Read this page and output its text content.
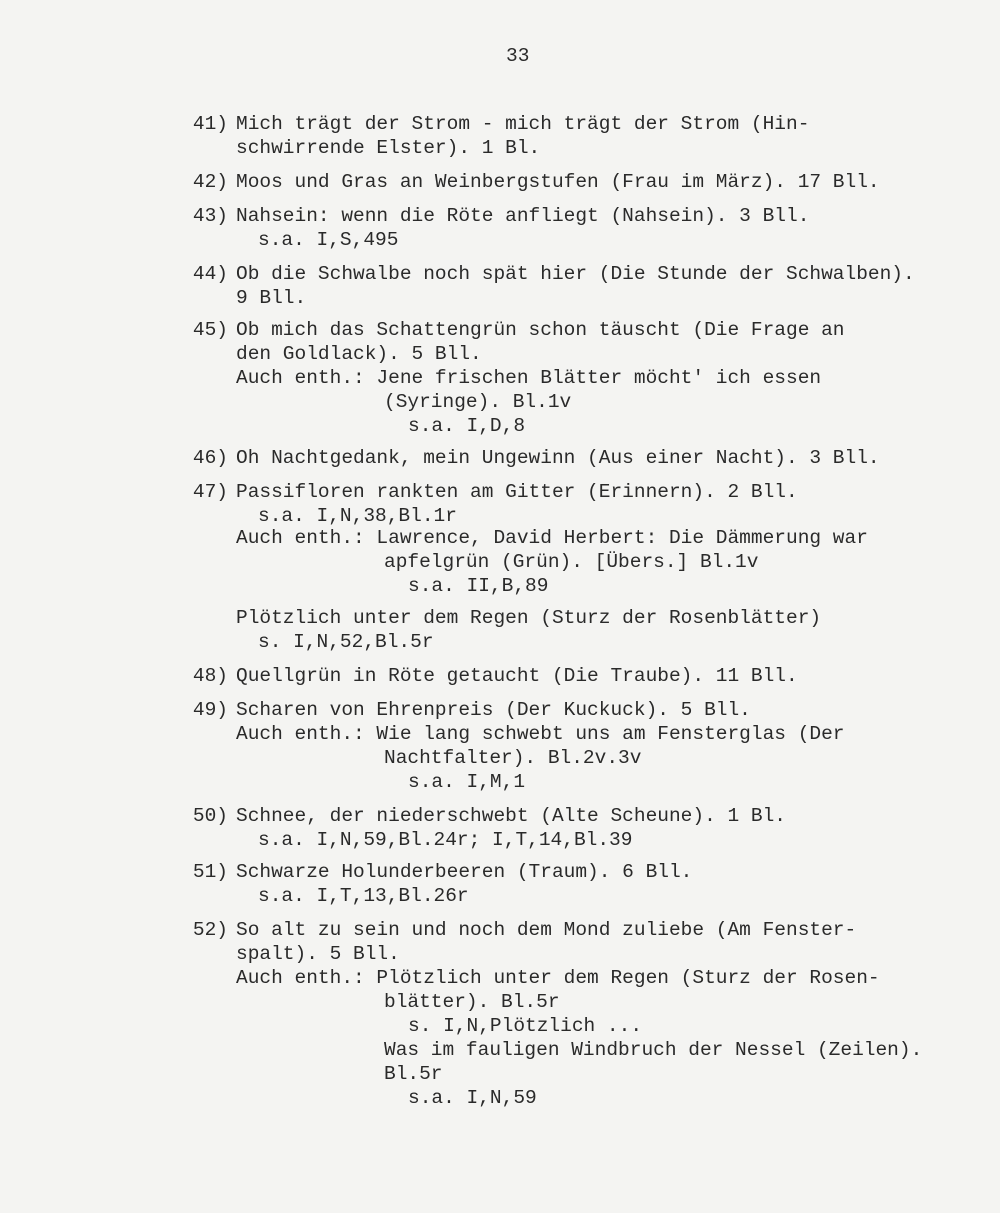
33
41) Mich trägt der Strom - mich trägt der Strom (Hin-
schwirrende Elster). 1 Bl.
42) Moos und Gras an Weinbergstufen (Frau im März). 17 Bll.
43) Nahsein: wenn die Röte anfliegt (Nahsein). 3 Bll.
s.a. I,S,495
44) Ob die Schwalbe noch spät hier (Die Stunde der Schwalben).
9 Bll.
45) Ob mich das Schattengrün schon täuscht (Die Frage an
den Goldlack). 5 Bll.
Auch enth.: Jene frischen Blätter möcht' ich essen
(Syringe). Bl.1v
s.a. I,D,8
46) Oh Nachtgedank, mein Ungewinn (Aus einer Nacht). 3 Bll.
47) Passifloren rankten am Gitter (Erinnern). 2 Bll.
s.a. I,N,38,Bl.1r
Auch enth.: Lawrence, David Herbert: Die Dämmerung war
apfelgrün (Grün). [Übers.] Bl.1v
s.a. II,B,89
Plötzlich unter dem Regen (Sturz der Rosenblätter)
s. I,N,52,Bl.5r
48) Quellgrün in Röte getaucht (Die Traube). 11 Bll.
49) Scharen von Ehrenpreis (Der Kuckuck). 5 Bll.
Auch enth.: Wie lang schwebt uns am Fensterglas (Der
Nachtfalter). Bl.2v.3v
s.a. I,M,1
50) Schnee, der niederschwebt (Alte Scheune). 1 Bl.
s.a. I,N,59,Bl.24r; I,T,14,Bl.39
51) Schwarze Holunderbeeren (Traum). 6 Bll.
s.a. I,T,13,Bl.26r
52) So alt zu sein und noch dem Mond zuliebe (Am Fenster-
spalt). 5 Bll.
Auch enth.: Plötzlich unter dem Regen (Sturz der Rosen-
blätter). Bl.5r
s. I,N,Plötzlich ...
Was im fauligen Windbruch der Nessel (Zeilen).
Bl.5r
s.a. I,N,59
